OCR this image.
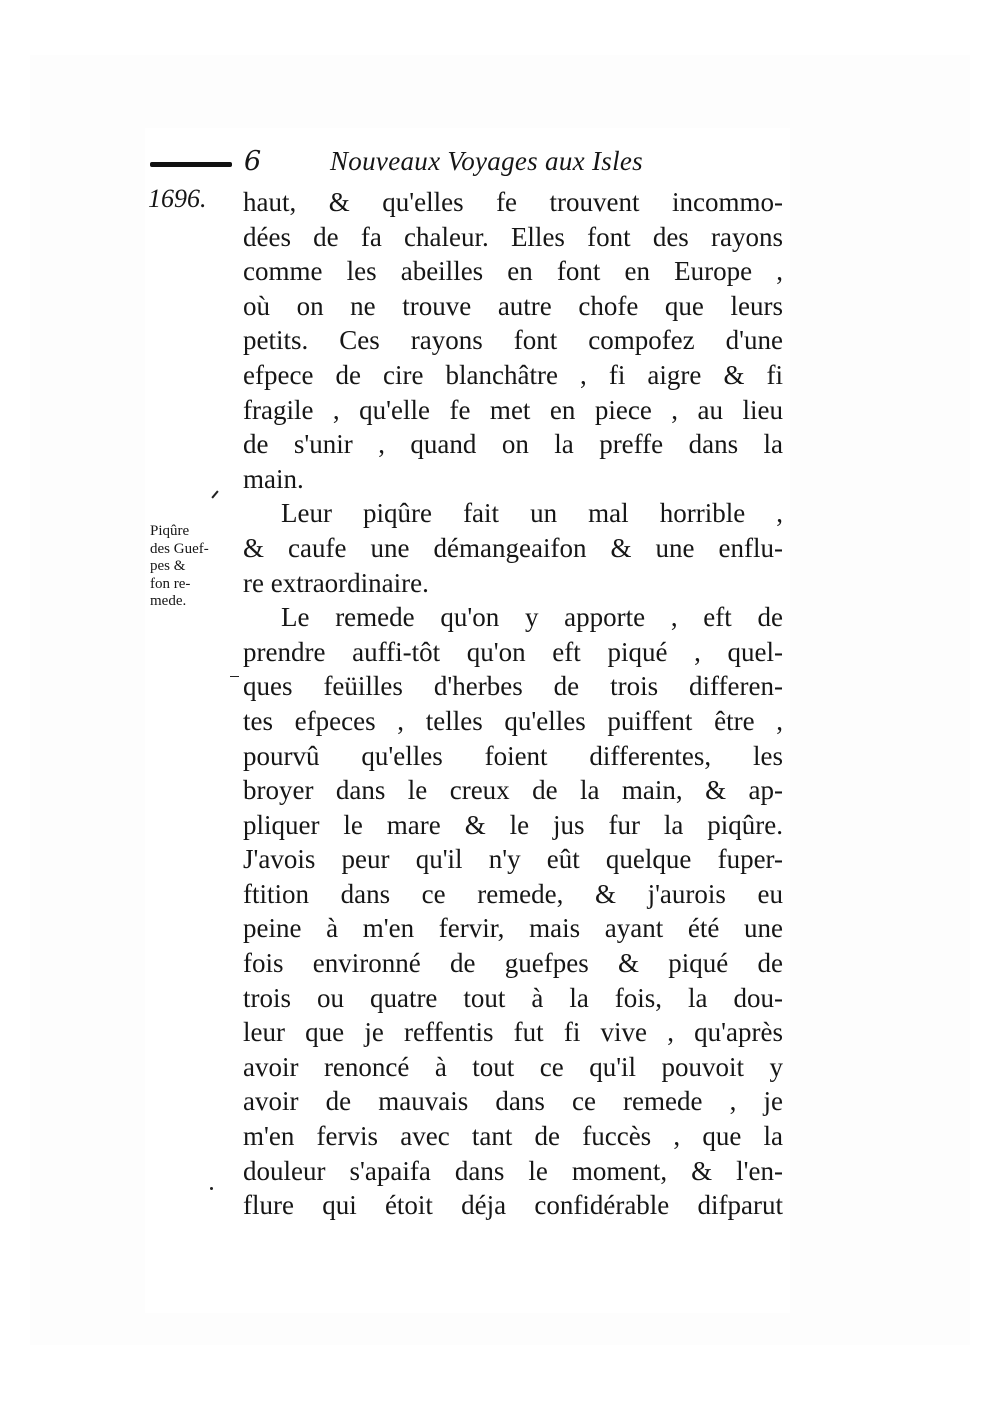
6	Nouveaux Voyages aux Isles
1696.
Piqûre
des Guef-
pes &
fon re-
mede.
haut, & qu'elles fe trouvent incommo-
dées de fa chaleur. Elles font des rayons
comme les abeilles en font en Europe ,
où on ne trouve autre chofe que leurs
petits. Ces rayons font compofez d'une
efpece de cire blanchâtre , fi aigre & fi
fragile , qu'elle fe met en piece , au lieu
de s'unir , quand on la preffe dans la
main.
Leur piqûre fait un mal horrible ,
& caufe une démangeaifon & une enflu-
re extraordinaire.
Le remede qu'on y apporte , eft de
prendre auffi-tôt qu'on eft piqué , quel-
ques feüilles d'herbes de trois differen-
tes efpeces , telles qu'elles puiffent être ,
pourvû qu'elles foient differentes, les
broyer dans le creux de la main, & ap-
pliquer le mare & le jus fur la piqûre.
J'avois peur qu'il n'y eût quelque fuper-
ftition dans ce remede, & j'aurois eu
peine à m'en fervir, mais ayant été une
fois environné de guefpes & piqué de
trois ou quatre tout à la fois, la dou-
leur que je reffentis fut fi vive , qu'après
avoir renoncé à tout ce qu'il pouvoit y
avoir de mauvais dans ce remede , je
m'en fervis avec tant de fuccès , que la
douleur s'apaifa dans le moment, & l'en-
flure qui étoit déja confidérable difparut
